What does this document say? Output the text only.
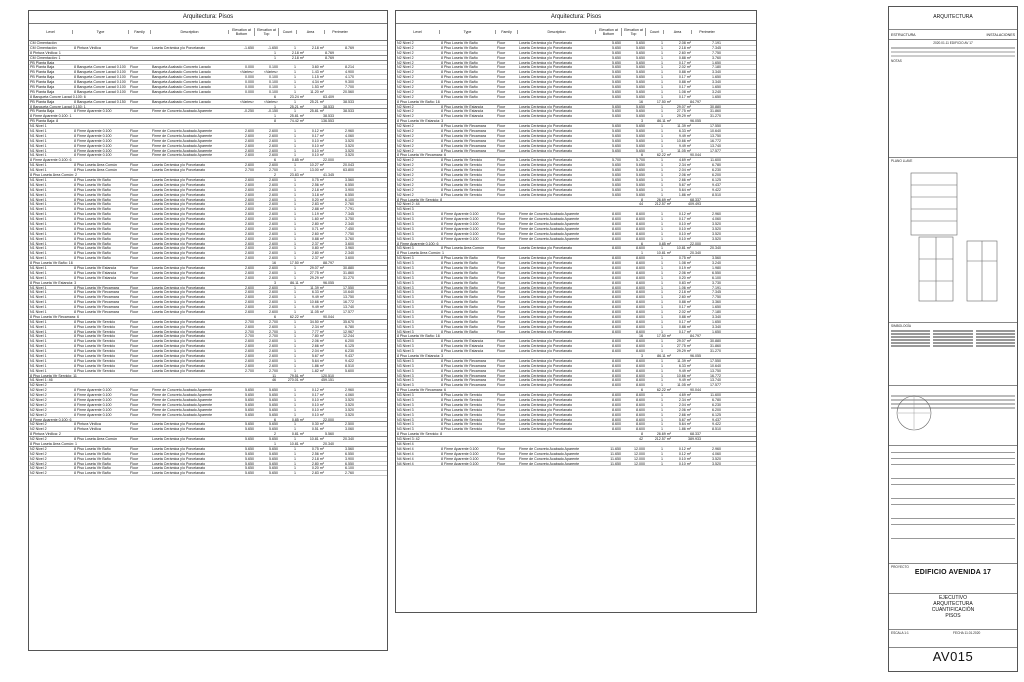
Arquitectura: Pisos
Level	Type	Family	Description
Elevation at Bottom
Elevation at Top
Count	Area	Perimeter
CM Cimentación
CM Cimentación	8 Pintura Vinílica	Floor	Loseta Cerámica y/o Porcelanato	-1.650	-1.650	1	2.18 m²	8.769
8 Pintura Vinílica: 1	1	2.18 m²	8.769
CM Cimentación: 1	1	2.18 m²	8.769
PB Planta Baja
PB Planta Baja	8 Banqueta Concre Lavad 0.100	Floor	Banqueta Acabado Concreto Lavado	0.000	0.100	1	3.60 m²	8.214
PB Planta Baja	8 Banqueta Concre Lavad 0.100	Floor	Banqueta Acabado Concreto Lavado	<Varies>	<Varies>	1	1.43 m²	4.900
PB Planta Baja	8 Banqueta Concre Lavad 0.100	Floor	Banqueta Acabado Concreto Lavado	0.000	0.100	1	1.15 m²	4.170
PB Planta Baja	8 Banqueta Concre Lavad 0.100	Floor	Banqueta Acabado Concreto Lavado	0.000	0.100	1	4.34 m²	9.300
PB Planta Baja	8 Banqueta Concre Lavad 0.100	Floor	Banqueta Acabado Concreto Lavado	0.000	0.100	1	1.53 m²	7.700
PB Planta Baja	8 Banqueta Concre Lavad 0.100	Floor	Banqueta Acabado Concreto Lavado	0.000	0.100	1	11.20 m²	20.560
8 Banqueta Concre Lavad 0.100: 6	6	23.24 m²	63.409
PB Planta Baja	8 Banqueta Concre Lavad 0.150	Floor	Banqueta Acabado Concreto Lavado	<Varies>	<Varies>	1	25.21 m²	38.533
8 Banqueta Concre Lavad 0.150: 1	1	25.21 m²	38.533
PB Planta Baja	8 Firme Aparente 0.100	Floor	Firme de Concreto Acabado Aparente	-0.250	-0.150	1	25.81 m²	38.533
8 Firme Aparente 0.100: 1	1	25.81 m²	38.533
PB Planta Baja: 8	8	74.42 m²	136.553
N1 Nivel 1
N1 Nivel 1	8 Firme Aparente 0.100	Floor	Firme de Concreto Acabado Aparente	2.600	2.600	1	0.12 m²	2.960
N1 Nivel 1	8 Firme Aparente 0.100	Floor	Firme de Concreto Acabado Aparente	2.600	2.600	1	0.17 m²	4.060
N1 Nivel 1	8 Firme Aparente 0.100	Floor	Firme de Concreto Acabado Aparente	2.600	2.600	1	0.10 m²	3.520
N1 Nivel 1	8 Firme Aparente 0.100	Floor	Firme de Concreto Acabado Aparente	2.600	2.600	1	0.10 m²	3.520
N1 Nivel 1	8 Firme Aparente 0.100	Floor	Firme de Concreto Acabado Aparente	2.600	2.600	1	0.10 m²	3.520
N1 Nivel 1	8 Firme Aparente 0.100	Floor	Firme de Concreto Acabado Aparente	2.600	2.600	1	0.10 m²	3.520
8 Firme Aparente 0.100: 6	6	0.85 m²	22.000
N1 Nivel 1	8 Piso Loseta Área Común	Floor	Loseta Cerámica y/o Porcelanato	2.600	2.600	1	10.27 m²	20.043
N1 Nivel 1	8 Piso Loseta Área Común	Floor	Loseta Cerámica y/o Porcelanato	2.700	2.700	1	13.00 m²	63.800
8 Piso Loseta Área Común: 2	2	23.83 m²	41.345
N1 Nivel 1	8 Piso Loseta Vtr Baño	Floor	Loseta Cerámica y/o Porcelanato	2.600	2.600	1	0.75 m²	3.560
N1 Nivel 1	8 Piso Loseta Vtr Baño	Floor	Loseta Cerámica y/o Porcelanato	2.600	2.600	1	2.56 m²	6.550
N1 Nivel 1	8 Piso Loseta Vtr Baño	Floor	Loseta Cerámica y/o Porcelanato	2.600	2.600	1	2.18 m²	3.900
N1 Nivel 1	8 Piso Loseta Vtr Baño	Floor	Loseta Cerámica y/o Porcelanato	2.600	2.600	1	3.18 m²	6.550
N1 Nivel 1	8 Piso Loseta Vtr Baño	Floor	Loseta Cerámica y/o Porcelanato	2.600	2.600	1	0.20 m²	6.100
N1 Nivel 1	8 Piso Loseta Vtr Baño	Floor	Loseta Cerámica y/o Porcelanato	2.600	2.600	1	2.83 m²	2.760
N1 Nivel 1	8 Piso Loseta Vtr Baño	Floor	Loseta Cerámica y/o Porcelanato	2.600	2.600	1	2.88 m²	7.791
N1 Nivel 1	8 Piso Loseta Vtr Baño	Floor	Loseta Cerámica y/o Porcelanato	2.600	2.600	1	1.19 m²	7.345
N1 Nivel 1	8 Piso Loseta Vtr Baño	Floor	Loseta Cerámica y/o Porcelanato	2.600	2.600	1	1.60 m²	3.750
N1 Nivel 1	8 Piso Loseta Vtr Baño	Floor	Loseta Cerámica y/o Porcelanato	2.600	2.600	1	2.80 m²	2.340
N1 Nivel 1	8 Piso Loseta Vtr Baño	Floor	Loseta Cerámica y/o Porcelanato	2.600	2.600	1	0.71 m²	7.450
N1 Nivel 1	8 Piso Loseta Vtr Baño	Floor	Loseta Cerámica y/o Porcelanato	2.600	2.600	1	2.60 m²	7.750
N1 Nivel 1	8 Piso Loseta Vtr Baño	Floor	Loseta Cerámica y/o Porcelanato	2.600	2.600	1	0.88 m²	3.760
N1 Nivel 1	8 Piso Loseta Vtr Baño	Floor	Loseta Cerámica y/o Porcelanato	2.600	2.600	1	2.37 m²	3.600
N1 Nivel 1	8 Piso Loseta Vtr Baño	Floor	Loseta Cerámica y/o Porcelanato	2.600	2.600	1	0.80 m²	3.960
N1 Nivel 1	8 Piso Loseta Vtr Baño	Floor	Loseta Cerámica y/o Porcelanato	2.600	2.600	1	2.80 m²	2.340
N1 Nivel 1	8 Piso Loseta Vtr Baño	Floor	Loseta Cerámica y/o Porcelanato	2.600	2.600	1	2.37 m²	3.600
8 Piso Loseta Vtr Baño: 16	16	17.50 m²	88.797
N1 Nivel 1	8 Piso Loseta Vtr Estancia	Floor	Loseta Cerámica y/o Porcelanato	2.600	2.600	1	29.07 m²	30.880
N1 Nivel 1	8 Piso Loseta Vtr Estancia	Floor	Loseta Cerámica y/o Porcelanato	2.600	2.600	1	27.75 m²	31.860
N1 Nivel 1	8 Piso Loseta Vtr Estancia	Floor	Loseta Cerámica y/o Porcelanato	2.600	2.600	1	29.29 m²	31.270
8 Piso Loseta Vtr Estancia: 3	3	86.11 m²	96.055
N1 Nivel 1	8 Piso Loseta Vtr Recamara	Floor	Loseta Cerámica y/o Porcelanato	2.600	2.600	1	11.39 m²	17.550
N1 Nivel 1	8 Piso Loseta Vtr Recamara	Floor	Loseta Cerámica y/o Porcelanato	2.600	2.600	1	6.33 m²	10.640
N1 Nivel 1	8 Piso Loseta Vtr Recamara	Floor	Loseta Cerámica y/o Porcelanato	2.600	2.600	1	9.49 m²	13.750
N1 Nivel 1	8 Piso Loseta Vtr Recamara	Floor	Loseta Cerámica y/o Porcelanato	2.600	2.600	1	10.66 m²	16.772
N1 Nivel 1	8 Piso Loseta Vtr Recamara	Floor	Loseta Cerámica y/o Porcelanato	2.600	2.600	1	9.49 m²	13.740
N1 Nivel 1	8 Piso Loseta Vtr Recamara	Floor	Loseta Cerámica y/o Porcelanato	2.600	2.600	1	11.05 m²	17.577
8 Piso Loseta Vtr Recamara: 6	6	62.22 m²	90.044
N1 Nivel 1	8 Piso Loseta Vtr Servicio	Floor	Loseta Cerámica y/o Porcelanato	2.700	2.700	1	34.50 m²	35.670
N1 Nivel 1	8 Piso Loseta Vtr Servicio	Floor	Loseta Cerámica y/o Porcelanato	2.600	2.600	1	2.34 m²	6.780
N1 Nivel 1	8 Piso Loseta Vtr Servicio	Floor	Loseta Cerámica y/o Porcelanato	2.700	2.700	1	7.77 m²	12.967
N1 Nivel 1	8 Piso Loseta Vtr Servicio	Floor	Loseta Cerámica y/o Porcelanato	2.700	2.700	1	7.80 m²	12.244
N1 Nivel 1	8 Piso Loseta Vtr Servicio	Floor	Loseta Cerámica y/o Porcelanato	2.600	2.600	1	2.06 m²	6.200
N1 Nivel 1	8 Piso Loseta Vtr Servicio	Floor	Loseta Cerámica y/o Porcelanato	2.600	2.600	1	2.66 m²	6.125
N1 Nivel 1	8 Piso Loseta Vtr Servicio	Floor	Loseta Cerámica y/o Porcelanato	2.600	2.600	1	2.04 m²	6.230
N1 Nivel 1	8 Piso Loseta Vtr Servicio	Floor	Loseta Cerámica y/o Porcelanato	2.600	2.600	1	5.67 m²	9.437
N1 Nivel 1	8 Piso Loseta Vtr Servicio	Floor	Loseta Cerámica y/o Porcelanato	2.600	2.600	1	5.64 m²	9.422
N1 Nivel 1	8 Piso Loseta Vtr Servicio	Floor	Loseta Cerámica y/o Porcelanato	2.600	2.600	1	1.86 m²	8.510
N1 Nivel 1	8 Piso Loseta Vtr Servicio	Floor	Loseta Cerámica y/o Porcelanato	2.700	2.700	1	1.82 m²	5.600
8 Piso Loseta Vtr Servicio: 11	11	79.51 m²	120.510
N1 Nivel 1: 46	46	270.01 m²	459.151
N2 Nivel 2
N2 Nivel 2	8 Firme Aparente 0.100	Floor	Firme de Concreto Acabado Aparente	5.650	5.650	1	0.12 m²	2.960
N2 Nivel 2	8 Firme Aparente 0.100	Floor	Firme de Concreto Acabado Aparente	5.650	5.650	1	0.17 m²	4.060
N2 Nivel 2	8 Firme Aparente 0.100	Floor	Firme de Concreto Acabado Aparente	5.650	5.650	1	0.10 m²	3.520
N2 Nivel 2	8 Firme Aparente 0.100	Floor	Firme de Concreto Acabado Aparente	5.650	5.650	1	0.10 m²	3.520
N2 Nivel 2	8 Firme Aparente 0.100	Floor	Firme de Concreto Acabado Aparente	5.650	5.650	1	0.10 m²	3.520
N2 Nivel 2	8 Firme Aparente 0.100	Floor	Firme de Concreto Acabado Aparente	5.650	5.650	1	0.10 m²	3.520
8 Firme Aparente 0.100: 6	6	0.85 m²	22.000
N2 Nivel 2	8 Pintura Vinílica	Floor	Loseta Cerámica y/o Porcelanato	5.650	5.650	1	0.30 m²	2.500
N2 Nivel 2	8 Pintura Vinílica	Floor	Loseta Cerámica y/o Porcelanato	5.650	5.650	1	0.51 m²	3.060
8 Pintura Vinílica: 2	2	0.81 m²	5.560
N2 Nivel 2	8 Piso Loseta Área Común	Floor	Loseta Cerámica y/o Porcelanato	5.650	5.650	1	10.81 m²	20.340
8 Piso Loseta Área Común: 1	1	10.81 m²	20.340
N2 Nivel 2	8 Piso Loseta Vtr Baño	Floor	Loseta Cerámica y/o Porcelanato	5.650	5.650	1	0.75 m²	3.560
N2 Nivel 2	8 Piso Loseta Vtr Baño	Floor	Loseta Cerámica y/o Porcelanato	5.650	5.650	1	2.56 m²	6.550
N2 Nivel 2	8 Piso Loseta Vtr Baño	Floor	Loseta Cerámica y/o Porcelanato	5.650	5.650	1	2.18 m²	3.900
N2 Nivel 2	8 Piso Loseta Vtr Baño	Floor	Loseta Cerámica y/o Porcelanato	5.650	5.650	1	2.80 m²	6.550
N2 Nivel 2	8 Piso Loseta Vtr Baño	Floor	Loseta Cerámica y/o Porcelanato	5.650	5.650	1	0.20 m²	6.100
N2 Nivel 2	8 Piso Loseta Vtr Baño	Floor	Loseta Cerámica y/o Porcelanato	5.650	5.650	1	2.83 m²	2.760
Arquitectura: Pisos
Level	Type	Family	Description
Elevation at Bottom
Elevation at Top
Count	Area	Perimeter
N2 Nivel 2	8 Piso Loseta Vtr Baño	Floor	Loseta Cerámica y/o Porcelanato	5.650	5.650	1	2.08 m²	7.191
N2 Nivel 2	8 Piso Loseta Vtr Baño	Floor	Loseta Cerámica y/o Porcelanato	5.650	5.650	1	2.18 m²	7.345
N2 Nivel 2	8 Piso Loseta Vtr Baño	Floor	Loseta Cerámica y/o Porcelanato	5.650	5.650	1	2.60 m²	7.750
N2 Nivel 2	8 Piso Loseta Vtr Baño	Floor	Loseta Cerámica y/o Porcelanato	5.650	5.650	1	0.88 m²	3.760
N2 Nivel 2	8 Piso Loseta Vtr Baño	Floor	Loseta Cerámica y/o Porcelanato	5.650	5.650	1	0.17 m²	1.650
N2 Nivel 2	8 Piso Loseta Vtr Baño	Floor	Loseta Cerámica y/o Porcelanato	5.650	5.650	1	2.02 m²	7.180
N2 Nivel 2	8 Piso Loseta Vtr Baño	Floor	Loseta Cerámica y/o Porcelanato	5.650	5.650	1	0.88 m²	3.340
N2 Nivel 2	8 Piso Loseta Vtr Baño	Floor	Loseta Cerámica y/o Porcelanato	5.650	5.650	1	0.17 m²	1.650
N2 Nivel 2	8 Piso Loseta Vtr Baño	Floor	Loseta Cerámica y/o Porcelanato	5.650	5.650	1	0.88 m²	3.340
N2 Nivel 2	8 Piso Loseta Vtr Baño	Floor	Loseta Cerámica y/o Porcelanato	5.650	5.650	1	0.17 m²	1.650
N2 Nivel 2	8 Piso Loseta Vtr Baño	Floor	Loseta Cerámica y/o Porcelanato	5.650	5.650	1	1.08 m²	3.240
N2 Nivel 2	8 Piso Loseta Vtr Baño	Floor	Loseta Cerámica y/o Porcelanato	5.650	5.650	1	0.17 m²	1.650
8 Piso Loseta Vtr Baño: 16	16	17.50 m²	84.797
N2 Nivel 2	8 Piso Loseta Vtr Estancia	Floor	Loseta Cerámica y/o Porcelanato	5.650	5.650	1	29.07 m²	30.880
N2 Nivel 2	8 Piso Loseta Vtr Estancia	Floor	Loseta Cerámica y/o Porcelanato	5.650	5.650	1	27.75 m²	31.860
N2 Nivel 2	8 Piso Loseta Vtr Estancia	Floor	Loseta Cerámica y/o Porcelanato	5.650	5.650	1	29.29 m²	31.270
8 Piso Loseta Vtr Estancia: 3	3	86.11 m²	96.055
N2 Nivel 2	8 Piso Loseta Vtr Recamara	Floor	Loseta Cerámica y/o Porcelanato	5.650	5.650	1	11.39 m²	17.550
N2 Nivel 2	8 Piso Loseta Vtr Recamara	Floor	Loseta Cerámica y/o Porcelanato	5.650	5.650	1	6.33 m²	10.640
N2 Nivel 2	8 Piso Loseta Vtr Recamara	Floor	Loseta Cerámica y/o Porcelanato	5.650	5.650	1	9.49 m²	13.750
N2 Nivel 2	8 Piso Loseta Vtr Recamara	Floor	Loseta Cerámica y/o Porcelanato	5.650	5.650	1	10.66 m²	16.772
N2 Nivel 2	8 Piso Loseta Vtr Recamara	Floor	Loseta Cerámica y/o Porcelanato	5.650	5.650	1	9.49 m²	13.740
N2 Nivel 2	8 Piso Loseta Vtr Recamara	Floor	Loseta Cerámica y/o Porcelanato	5.650	5.650	1	11.05 m²	17.577
8 Piso Loseta Vtr Recamara: 6	6	62.22 m²	90.044
N2 Nivel 2	8 Piso Loseta Vtr Servicio	Floor	Loseta Cerámica y/o Porcelanato	5.700	5.700	1	4.69 m²	11.600
N2 Nivel 2	8 Piso Loseta Vtr Servicio	Floor	Loseta Cerámica y/o Porcelanato	5.650	5.650	1	2.34 m²	6.780
N2 Nivel 2	8 Piso Loseta Vtr Servicio	Floor	Loseta Cerámica y/o Porcelanato	5.650	5.650	1	2.04 m²	6.230
N2 Nivel 2	8 Piso Loseta Vtr Servicio	Floor	Loseta Cerámica y/o Porcelanato	5.650	5.650	1	2.06 m²	6.200
N2 Nivel 2	8 Piso Loseta Vtr Servicio	Floor	Loseta Cerámica y/o Porcelanato	5.650	5.650	1	2.66 m²	6.125
N2 Nivel 2	8 Piso Loseta Vtr Servicio	Floor	Loseta Cerámica y/o Porcelanato	5.650	5.650	1	5.67 m²	9.437
N2 Nivel 2	8 Piso Loseta Vtr Servicio	Floor	Loseta Cerámica y/o Porcelanato	5.650	5.650	1	5.64 m²	9.422
N2 Nivel 2	8 Piso Loseta Vtr Servicio	Floor	Loseta Cerámica y/o Porcelanato	5.650	5.650	1	1.86 m²	8.510
8 Piso Loseta Vtr Servicio: 8	8	26.69 m²	68.337
N2 Nivel 2: 44	44	212.57 m²	409.493
N3 Nivel 3
N3 Nivel 3	8 Firme Aparente 0.100	Floor	Firme de Concreto Acabado Aparente	8.600	8.600	1	0.12 m²	2.960
N3 Nivel 3	8 Firme Aparente 0.100	Floor	Firme de Concreto Acabado Aparente	8.600	8.600	1	0.17 m²	4.060
N3 Nivel 3	8 Firme Aparente 0.100	Floor	Firme de Concreto Acabado Aparente	8.600	8.600	1	0.10 m²	3.520
N3 Nivel 3	8 Firme Aparente 0.100	Floor	Firme de Concreto Acabado Aparente	8.600	8.600	1	0.10 m²	3.520
N3 Nivel 3	8 Firme Aparente 0.100	Floor	Firme de Concreto Acabado Aparente	8.600	8.600	1	0.10 m²	3.520
N3 Nivel 3	8 Firme Aparente 0.100	Floor	Firme de Concreto Acabado Aparente	8.600	8.600	1	0.10 m²	3.520
8 Firme Aparente 0.100: 6	6	0.85 m²	22.000
N3 Nivel 3	8 Piso Loseta Área Común	Floor	Loseta Cerámica y/o Porcelanato	8.600	8.600	1	10.81 m²	20.340
8 Piso Loseta Área Común: 1	1	10.81 m²	20.340
N3 Nivel 3	8 Piso Loseta Vtr Baño	Floor	Loseta Cerámica y/o Porcelanato	8.600	8.600	1	0.75 m²	3.560
N3 Nivel 3	8 Piso Loseta Vtr Baño	Floor	Loseta Cerámica y/o Porcelanato	8.600	8.600	1	1.08 m²	3.240
N3 Nivel 3	8 Piso Loseta Vtr Baño	Floor	Loseta Cerámica y/o Porcelanato	8.600	8.600	1	0.19 m²	1.980
N3 Nivel 3	8 Piso Loseta Vtr Baño	Floor	Loseta Cerámica y/o Porcelanato	8.600	8.600	1	2.06 m²	6.550
N3 Nivel 3	8 Piso Loseta Vtr Baño	Floor	Loseta Cerámica y/o Porcelanato	8.600	8.600	1	0.20 m²	6.100
N3 Nivel 3	8 Piso Loseta Vtr Baño	Floor	Loseta Cerámica y/o Porcelanato	8.600	8.600	1	0.83 m²	3.730
N3 Nivel 3	8 Piso Loseta Vtr Baño	Floor	Loseta Cerámica y/o Porcelanato	8.600	8.600	1	1.06 m²	7.191
N3 Nivel 3	8 Piso Loseta Vtr Baño	Floor	Loseta Cerámica y/o Porcelanato	8.600	8.600	1	2.18 m²	7.345
N3 Nivel 3	8 Piso Loseta Vtr Baño	Floor	Loseta Cerámica y/o Porcelanato	8.600	8.600	1	2.60 m²	7.750
N3 Nivel 3	8 Piso Loseta Vtr Baño	Floor	Loseta Cerámica y/o Porcelanato	8.600	8.600	1	0.88 m²	3.360
N3 Nivel 3	8 Piso Loseta Vtr Baño	Floor	Loseta Cerámica y/o Porcelanato	8.600	8.600	1	0.17 m²	1.650
N3 Nivel 3	8 Piso Loseta Vtr Baño	Floor	Loseta Cerámica y/o Porcelanato	8.600	8.600	1	2.02 m²	7.180
N3 Nivel 3	8 Piso Loseta Vtr Baño	Floor	Loseta Cerámica y/o Porcelanato	8.600	8.600	1	0.88 m²	3.340
N3 Nivel 3	8 Piso Loseta Vtr Baño	Floor	Loseta Cerámica y/o Porcelanato	8.600	8.600	1	0.17 m²	1.650
N3 Nivel 3	8 Piso Loseta Vtr Baño	Floor	Loseta Cerámica y/o Porcelanato	8.600	8.600	1	0.88 m²	3.340
N3 Nivel 3	8 Piso Loseta Vtr Baño	Floor	Loseta Cerámica y/o Porcelanato	8.600	8.600	1	0.17 m²	1.650
8 Piso Loseta Vtr Baño: 16	16	17.50 m²	84.797
N3 Nivel 3	8 Piso Loseta Vtr Estancia	Floor	Loseta Cerámica y/o Porcelanato	8.600	8.600	1	29.07 m²	30.880
N3 Nivel 3	8 Piso Loseta Vtr Estancia	Floor	Loseta Cerámica y/o Porcelanato	8.600	8.600	1	27.75 m²	31.860
N3 Nivel 3	8 Piso Loseta Vtr Estancia	Floor	Loseta Cerámica y/o Porcelanato	8.600	8.600	1	29.29 m²	31.270
8 Piso Loseta Vtr Estancia: 3	3	86.11 m²	96.055
N3 Nivel 3	8 Piso Loseta Vtr Recamara	Floor	Loseta Cerámica y/o Porcelanato	8.600	8.600	1	11.39 m²	17.550
N3 Nivel 3	8 Piso Loseta Vtr Recamara	Floor	Loseta Cerámica y/o Porcelanato	8.600	8.600	1	6.33 m²	10.640
N3 Nivel 3	8 Piso Loseta Vtr Recamara	Floor	Loseta Cerámica y/o Porcelanato	8.600	8.600	1	9.49 m²	13.750
N3 Nivel 3	8 Piso Loseta Vtr Recamara	Floor	Loseta Cerámica y/o Porcelanato	8.600	8.600	1	10.66 m²	16.772
N3 Nivel 3	8 Piso Loseta Vtr Recamara	Floor	Loseta Cerámica y/o Porcelanato	8.600	8.600	1	9.49 m²	13.740
N3 Nivel 3	8 Piso Loseta Vtr Recamara	Floor	Loseta Cerámica y/o Porcelanato	8.600	8.600	1	11.05 m²	17.577
8 Piso Loseta Vtr Recamara: 6	6	62.22 m²	90.044
N3 Nivel 3	8 Piso Loseta Vtr Servicio	Floor	Loseta Cerámica y/o Porcelanato	8.600	8.600	1	4.69 m²	11.600
N3 Nivel 3	8 Piso Loseta Vtr Servicio	Floor	Loseta Cerámica y/o Porcelanato	8.600	8.600	1	2.34 m²	6.780
N3 Nivel 3	8 Piso Loseta Vtr Servicio	Floor	Loseta Cerámica y/o Porcelanato	8.600	8.600	1	2.04 m²	6.230
N3 Nivel 3	8 Piso Loseta Vtr Servicio	Floor	Loseta Cerámica y/o Porcelanato	8.600	8.600	1	2.06 m²	6.200
N3 Nivel 3	8 Piso Loseta Vtr Servicio	Floor	Loseta Cerámica y/o Porcelanato	8.600	8.600	1	2.66 m²	6.125
N3 Nivel 3	8 Piso Loseta Vtr Servicio	Floor	Loseta Cerámica y/o Porcelanato	8.600	8.600	1	5.67 m²	9.437
N3 Nivel 3	8 Piso Loseta Vtr Servicio	Floor	Loseta Cerámica y/o Porcelanato	8.600	8.600	1	5.64 m²	9.422
N3 Nivel 3	8 Piso Loseta Vtr Servicio	Floor	Loseta Cerámica y/o Porcelanato	8.600	8.600	1	1.86 m²	8.510
8 Piso Loseta Vtr Servicio: 8	8	26.69 m²	68.337
N3 Nivel 3: 42	42	212.57 m²	389.933
N4 Nivel 4
N4 Nivel 4	8 Firme Aparente 0.100	Floor	Firme de Concreto Acabado Aparente	11.650	12.000	1	0.12 m²	2.960
N4 Nivel 4	8 Firme Aparente 0.100	Floor	Firme de Concreto Acabado Aparente	11.650	12.000	1	0.12 m²	4.060
N4 Nivel 4	8 Firme Aparente 0.100	Floor	Firme de Concreto Acabado Aparente	11.650	12.000	1	0.10 m²	3.520
N4 Nivel 4	8 Firme Aparente 0.100	Floor	Firme de Concreto Acabado Aparente	11.650	12.000	1	0.10 m²	3.520
ARQUITECTURA
ESTRUCTURA	INSTALACIONES
2020.01.11 EDIFICIO AV 17
NOTAS
PLANO LLAVE
SIMBOLOGÍA
PROYECTO
EDIFICIO AVENIDA 17
EJECUTIVO
ARQUITECTURA
CUANTIFICACIÓN
PISOS
ESCALA 1:1	FECHA 11.01.2020
AV015
